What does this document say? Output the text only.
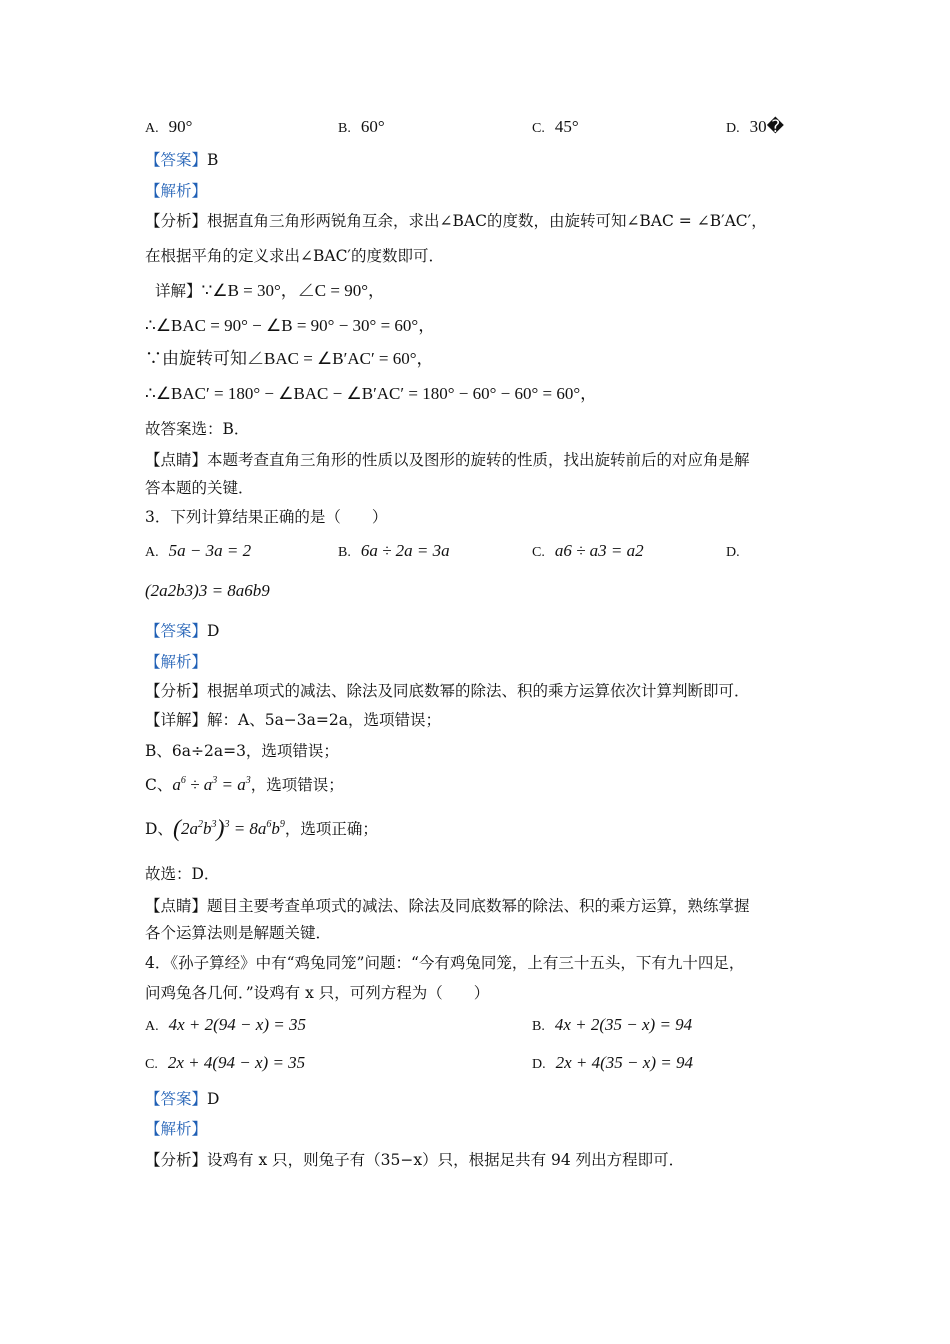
A. 90°	B. 60°	C. 45°	D. 30�
【答案】B
【解析】
【分析】根据直角三角形两锐角互余，求出∠BAC的度数，由旋转可知∠BAC = ∠B′AC′，
在根据平角的定义求出∠BAC′的度数即可．
详解】∵∠B = 30°，∠C = 90°，
∴∠BAC = 90° − ∠B = 90° − 30° = 60°，
∵由旋转可知∠BAC = ∠B′AC′ = 60°，
∴∠BAC′ = 180° − ∠BAC − ∠B′AC′ = 180° − 60° − 60° = 60°，
故答案选：B．
【点睛】本题考查直角三角形的性质以及图形的旋转的性质，找出旋转前后的对应角是解
答本题的关键．
3．下列计算结果正确的是（　　）
A. 5a − 3a = 2	B. 6a ÷ 2a = 3a	C. a6 ÷ a3 = a2	D.
(2a2b3)3 = 8a6b9
【答案】D
【解析】
【分析】根据单项式的减法、除法及同底数幂的除法、积的乘方运算依次计算判断即可．
【详解】解：A、5a−3a=2a，选项错误；
B、6a÷2a=3，选项错误；
C、$a^6 \div a^3 = a^3$，选项错误；
D、$(2a^2b^3)^3 = 8a^6b^9$，选项正确；
故选：D．
【点睛】题目主要考查单项式的减法、除法及同底数幂的除法、积的乘方运算，熟练掌握
各个运算法则是解题关键．
4．《孙子算经》中有“鸡兔同笼”问题：“今有鸡兔同笼，上有三十五头，下有九十四足，
问鸡兔各几何．”设鸡有 x 只，可列方程为（　　）
A. 4x + 2(94 − x) = 35	B. 4x + 2(35 − x) = 94
C. 2x + 4(94 − x) = 35	D. 2x + 4(35 − x) = 94
【答案】D
【解析】
【分析】设鸡有 x 只，则兔子有（35−x）只，根据足共有 94 列出方程即可．
